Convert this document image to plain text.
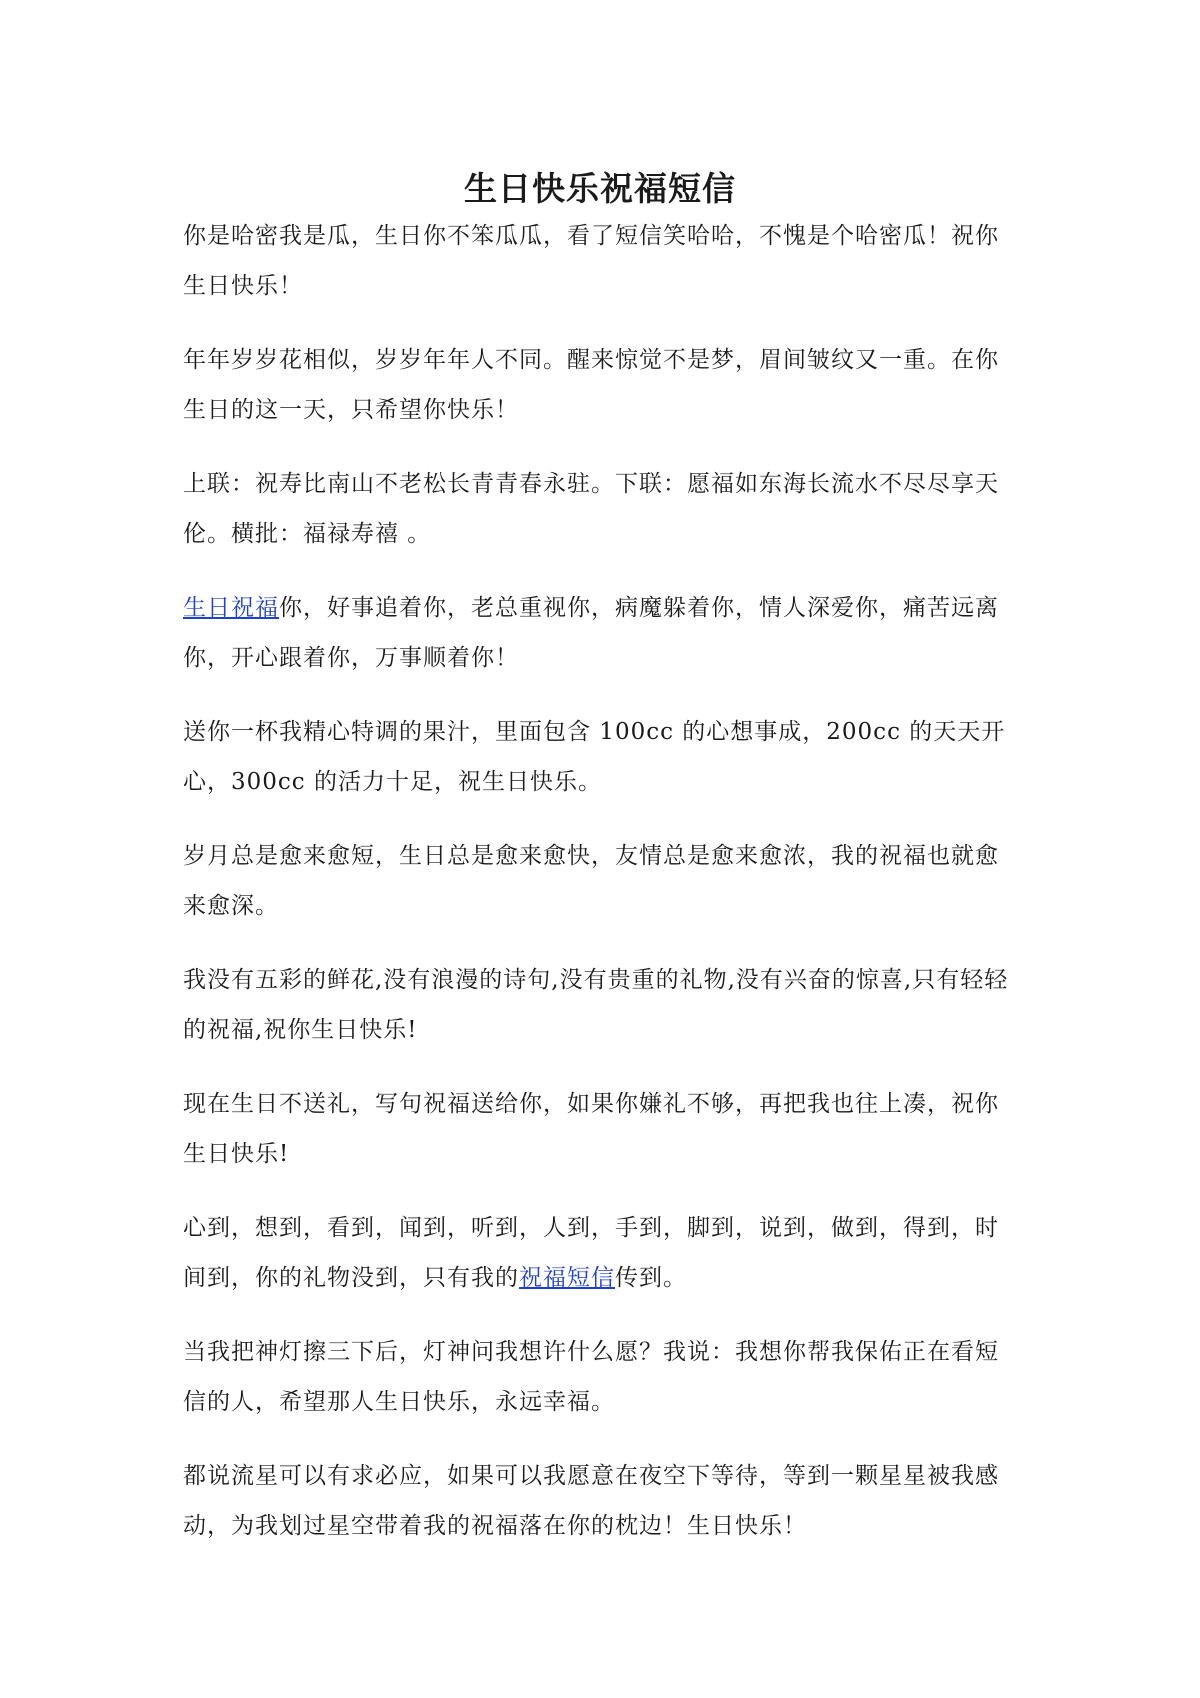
生日快乐祝福短信

你是哈密我是瓜，生日你不笨瓜瓜，看了短信笑哈哈，不愧是个哈密瓜！祝你生日快乐！

年年岁岁花相似，岁岁年年人不同。醒来惊觉不是梦，眉间皱纹又一重。在你生日的这一天，只希望你快乐！

上联：祝寿比南山不老松长青青春永驻。下联：愿福如东海长流水不尽尽享天伦。横批：福禄寿禧 。

生日祝福你，好事追着你，老总重视你，病魔躲着你，情人深爱你，痛苦远离你，开心跟着你，万事顺着你！

送你一杯我精心特调的果汁，里面包含 100cc 的心想事成，200cc 的天天开心，300cc 的活力十足，祝生日快乐。

岁月总是愈来愈短，生日总是愈来愈快，友情总是愈来愈浓，我的祝福也就愈来愈深。

我没有五彩的鲜花,没有浪漫的诗句,没有贵重的礼物,没有兴奋的惊喜,只有轻轻的祝福,祝你生日快乐!

现在生日不送礼，写句祝福送给你，如果你嫌礼不够，再把我也往上凑，祝你生日快乐!

心到，想到，看到，闻到，听到，人到，手到，脚到，说到，做到，得到，时间到，你的礼物没到，只有我的祝福短信传到。

当我把神灯擦三下后，灯神问我想许什么愿？我说：我想你帮我保佑正在看短信的人，希望那人生日快乐，永远幸福。

都说流星可以有求必应，如果可以我愿意在夜空下等待，等到一颗星星被我感动，为我划过星空带着我的祝福落在你的枕边！生日快乐！
